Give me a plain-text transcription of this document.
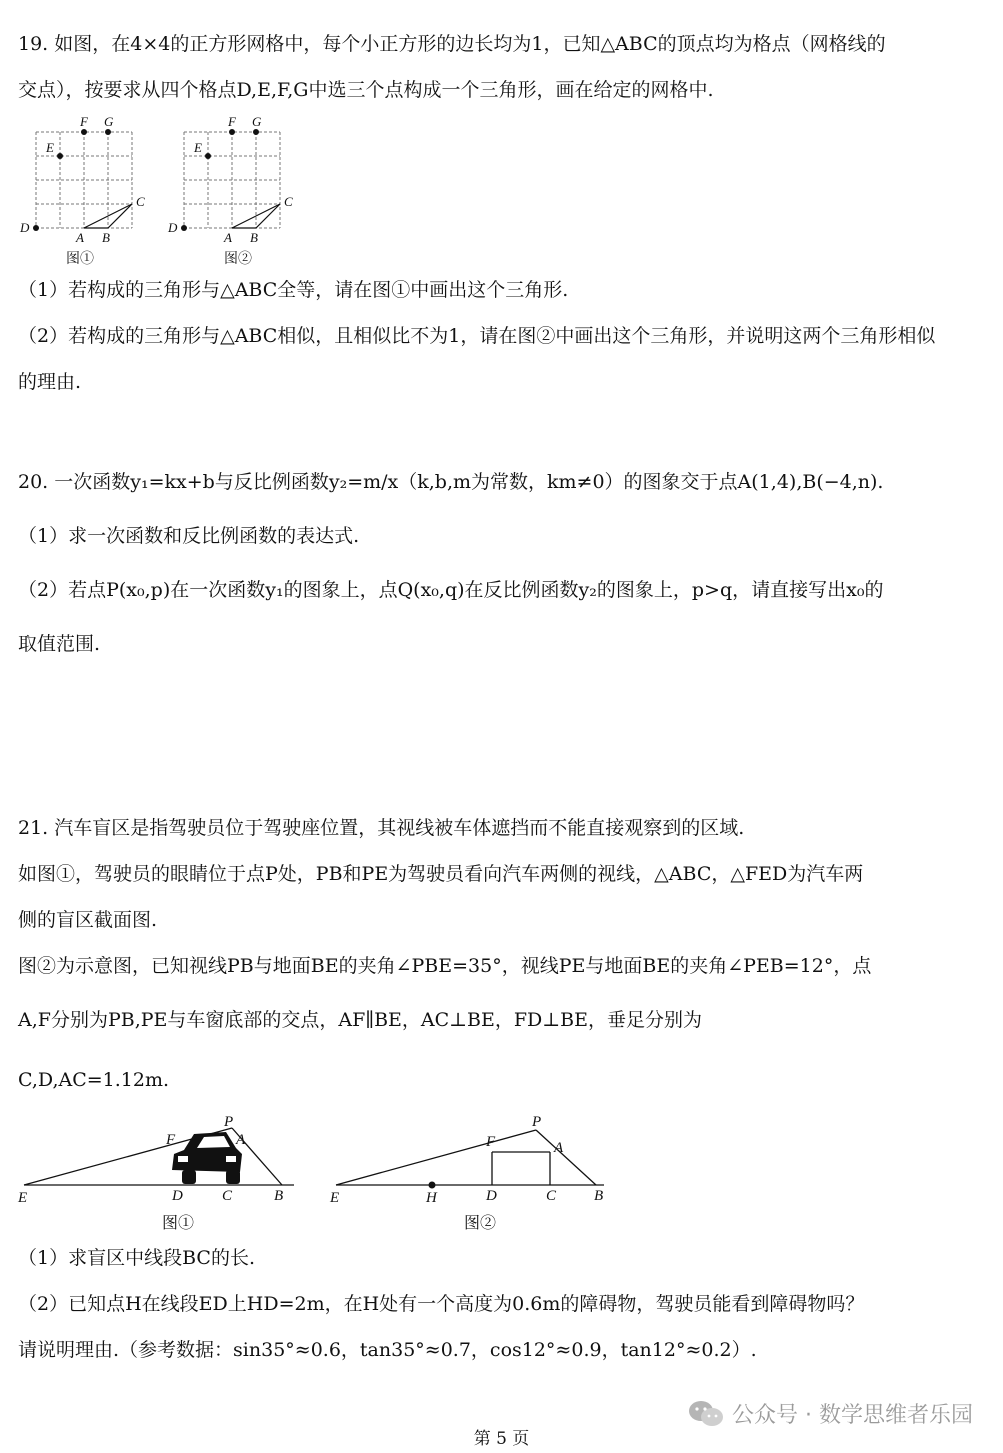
19. 如图，在4×4的正方形网格中，每个小正方形的边长均为1，已知△ABC的顶点均为格点（网格线的
交点），按要求从四个格点D,E,F,G中选三个点构成一个三角形，画在给定的网格中.
D
E
F G
A B
C
图①
D
E
F G
A B
C
图②
（1）若构成的三角形与△ABC全等，请在图①中画出这个三角形.
（2）若构成的三角形与△ABC相似，且相似比不为1，请在图②中画出这个三角形，并说明这两个三角形相似
的理由.
20. 一次函数y₁=kx+b与反比例函数y₂=m/x（k,b,m为常数，km≠0）的图象交于点A(1,4),B(−4,n).
（1）求一次函数和反比例函数的表达式.
（2）若点P(x₀,p)在一次函数y₁的图象上，点Q(x₀,q)在反比例函数y₂的图象上，p>q，请直接写出x₀的
取值范围.
21. 汽车盲区是指驾驶员位于驾驶座位置，其视线被车体遮挡而不能直接观察到的区域.
如图①，驾驶员的眼睛位于点P处，PB和PE为驾驶员看向汽车两侧的视线，△ABC，△FED为汽车两
侧的盲区截面图.
图②为示意图，已知视线PB与地面BE的夹角∠PBE=35°，视线PE与地面BE的夹角∠PEB=12°，点
A,F分别为PB,PE与车窗底部的交点，AF∥BE，AC⊥BE，FD⊥BE，垂足分别为
C,D,AC=1.12m.
F
P
A
E	D	C	B
图①
F
P
A
E	H	D	C	B
图②
（1）求盲区中线段BC的长.
（2）已知点H在线段ED上HD=2m，在H处有一个高度为0.6m的障碍物，驾驶员能看到障碍物吗？
请说明理由.（参考数据：sin35°≈0.6，tan35°≈0.7，cos12°≈0.9，tan12°≈0.2）.
公众号 · 数学思维者乐园
第 5 页
